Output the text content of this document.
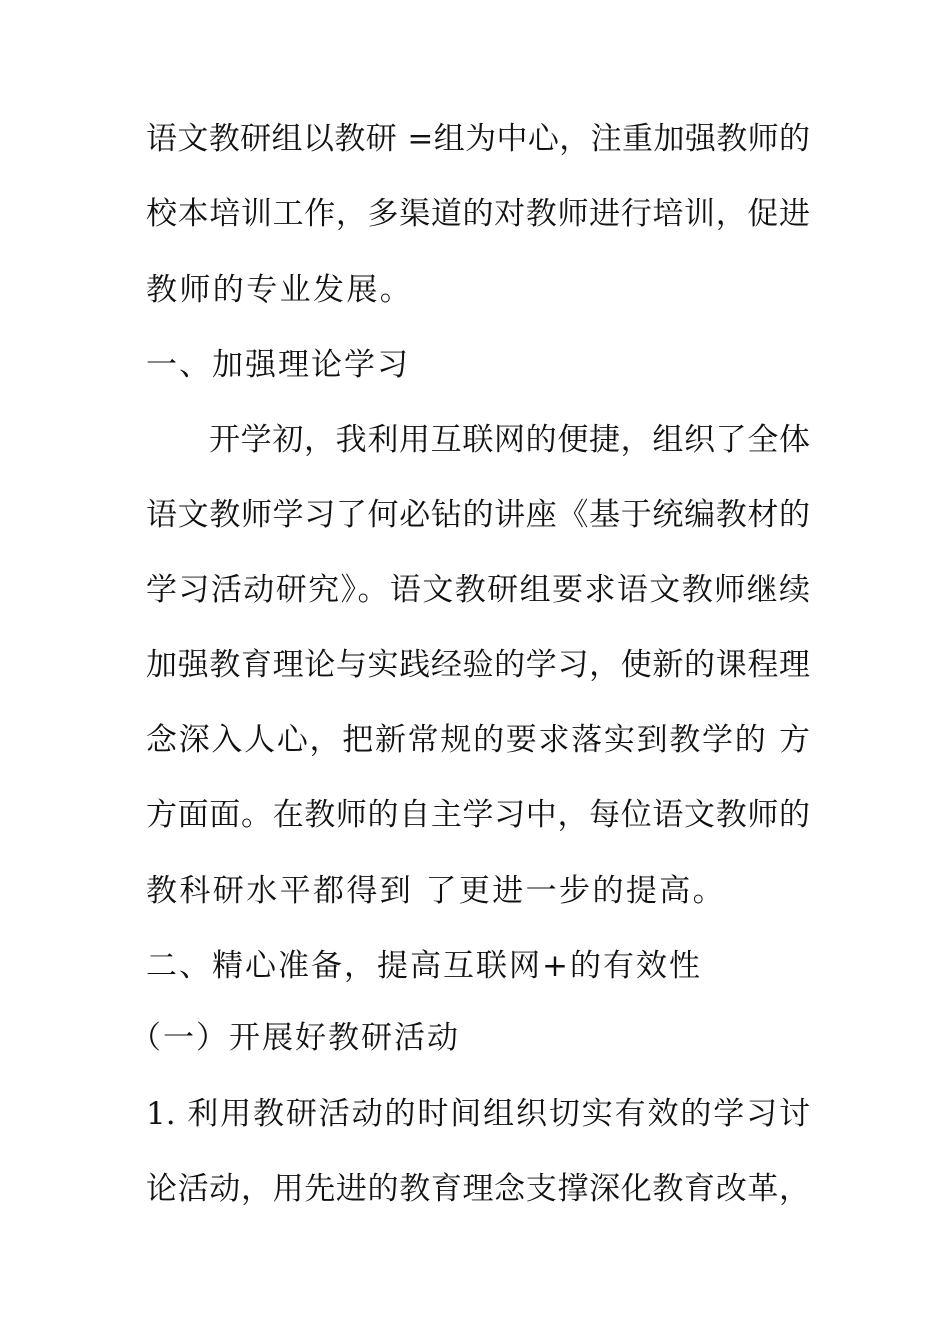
语文教研组以教研 =组为中心，注重加强教师的
校本培训工作，多渠道的对教师进行培训，促进
教师的专业发展。
一、加强理论学习
开学初，我利用互联网的便捷，组织了全体
语文教师学习了何必钻的讲座《基于统编教材的
学习活动研究》。语文教研组要求语文教师继续
加强教育理论与实践经验的学习，使新的课程理
念深入人心，把新常规的要求落实到教学的 方
方面面。在教师的自主学习中，每位语文教师的
教科研水平都得到 了更进一步的提高。
二、精心准备，提高互联网+的有效性
（一）开展好教研活动
1. 利用教研活动的时间组织切实有效的学习讨
论活动，用先进的教育理念支撑深化教育改革，
